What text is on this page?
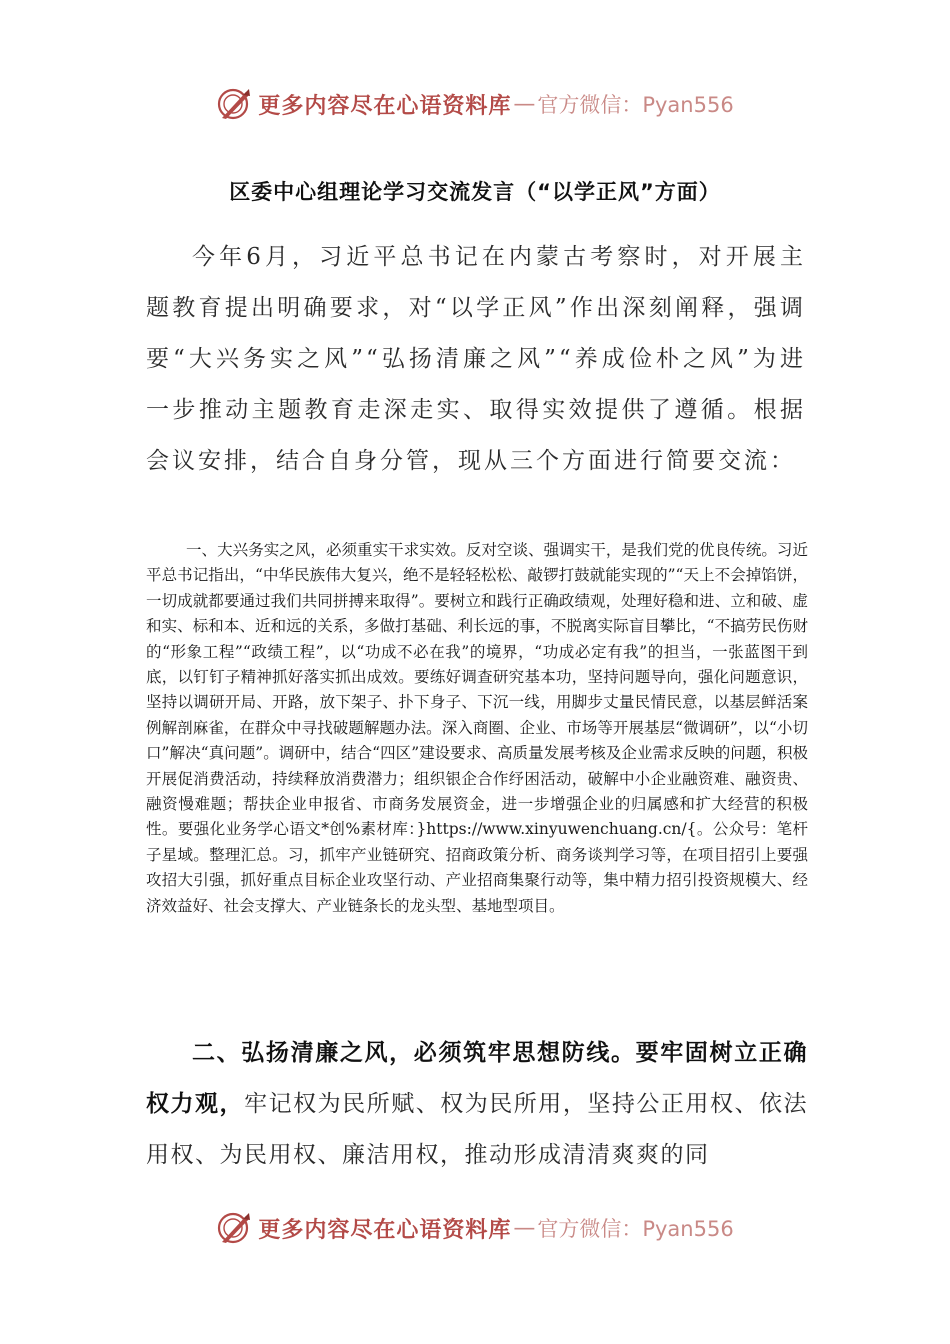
更多内容尽在心语资料库 — 官方微信：Pyan556
区委中心组理论学习交流发言（“以学正风”方面）

今年6月，习近平总书记在内蒙古考察时，对开展主题教育提出明确要求，对“以学正风”作出深刻阐释，强调要“大兴务实之风”“弘扬清廉之风”“养成俭朴之风”为进一步推动主题教育走深走实、取得实效提供了遵循。根据会议安排，结合自身分管，现从三个方面进行简要交流：

一、大兴务实之风，必须重实干求实效。反对空谈、强调实干，是我们党的优良传统。习近平总书记指出，“中华民族伟大复兴，绝不是轻轻松松、敲锣打鼓就能实现的”“天上不会掉馅饼，一切成就都要通过我们共同拼搏来取得”。要树立和践行正确政绩观，处理好稳和进、立和破、虚和实、标和本、近和远的关系，多做打基础、利长远的事，不脱离实际盲目攀比，“不搞劳民伤财的“形象工程”“政绩工程”，以“功成不必在我”的境界，“功成必定有我”的担当，一张蓝图干到底，以钉钉子精神抓好落实抓出成效。要练好调查研究基本功，坚持问题导向，强化问题意识，坚持以调研开局、开路，放下架子、扑下身子、下沉一线，用脚步丈量民情民意，以基层鲜活案例解剖麻雀，在群众中寻找破题解题办法。深入商圈、企业、市场等开展基层“微调研”，以“小切口”解决“真问题”。调研中，结合“四区”建设要求、高质量发展考核及企业需求反映的问题，积极开展促消费活动，持续释放消费潜力；组织银企合作纾困活动，破解中小企业融资难、融资贵、融资慢难题；帮扶企业申报省、市商务发展资金，进一步增强企业的归属感和扩大经营的积极性。要强化业务学心语文*创%素材库：}https://www.xinyuwenchuang.cn/{。公众号：笔杆子星域。整理汇总。习，抓牢产业链研究、招商政策分析、商务谈判学习等，在项目招引上要强攻招大引强，抓好重点目标企业攻坚行动、产业招商集聚行动等，集中精力招引投资规模大、经济效益好、社会支撑大、产业链条长的龙头型、基地型项目。

二、弘扬清廉之风，必须筑牢思想防线。要牢固树立正确权力观，牢记权为民所赋、权为民所用，坚持公正用权、依法用权、为民用权、廉洁用权，推动形成清清爽爽的同

更多内容尽在心语资料库 — 官方微信：Pyan556
